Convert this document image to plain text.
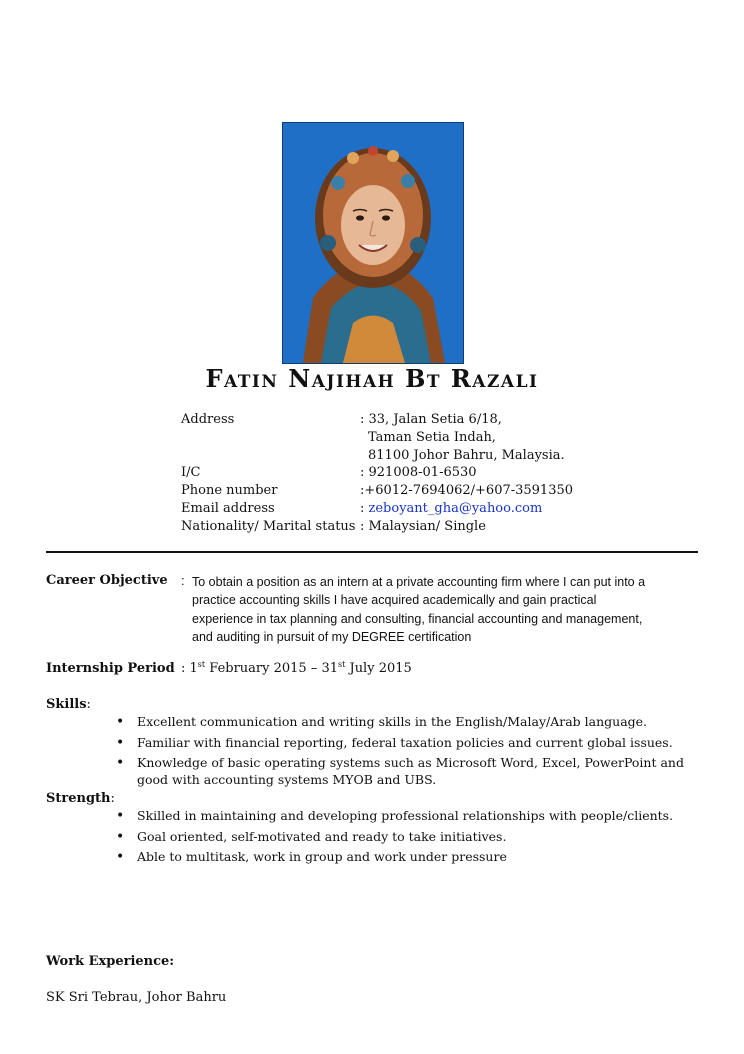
Fatin Najihah Bt Razali
Address	: 33, Jalan Setia 6/18,
Taman Setia Indah,
81100 Johor Bahru, Malaysia.
I/C	: 921008-01-6530
Phone number	:+6012-7694062/+607-3591350
Email address	: zeboyant_gha@yahoo.com
Nationality/ Marital status : Malaysian/ Single
Career Objective : To obtain a position as an intern at a private accounting firm where I can put into a
practice accounting skills I have acquired academically and gain practical
experience in tax planning and consulting, financial accounting and management,
and auditing in pursuit of my DEGREE certification
Internship Period : 1st February 2015 – 31st July 2015
Skills:
• Excellent communication and writing skills in the English/Malay/Arab language.
• Familiar with financial reporting, federal taxation policies and current global issues.
• Knowledge of basic operating systems such as Microsoft Word, Excel, PowerPoint and
good with accounting systems MYOB and UBS.
Strength:
• Skilled in maintaining and developing professional relationships with people/clients.
• Goal oriented, self-motivated and ready to take initiatives.
• Able to multitask, work in group and work under pressure
Work Experience:
SK Sri Tebrau, Johor Bahru
